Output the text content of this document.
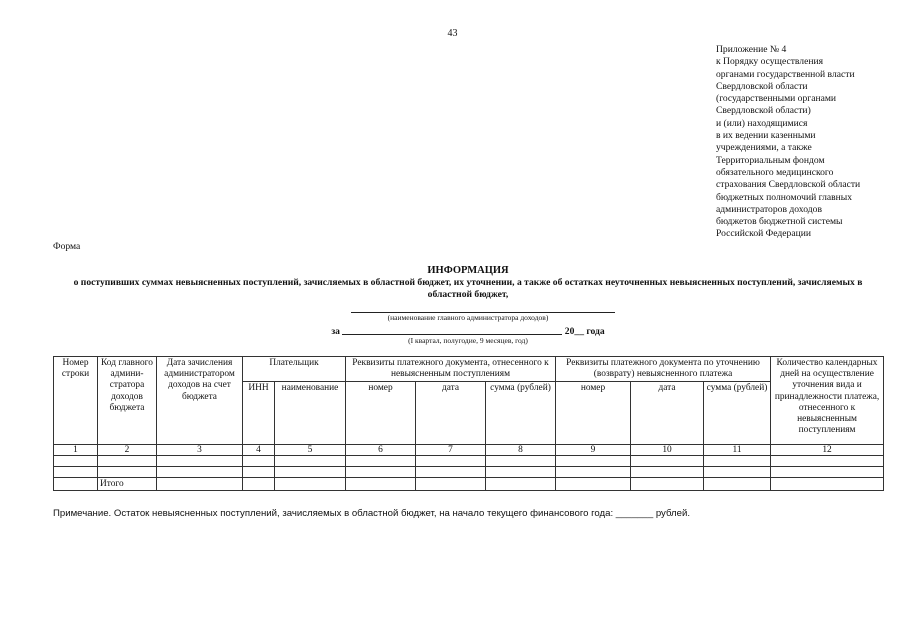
43
Приложение № 4
к Порядку осуществления
органами государственной власти
Свердловской области
(государственными органами
Свердловской области)
и (или) находящимися
в их ведении казенными
учреждениями, а также
Территориальным фондом
обязательного медицинского
страхования Свердловской области
бюджетных полномочий главных
администраторов доходов
бюджетов бюджетной системы
Российской Федерации
Форма
ИНФОРМАЦИЯ
о поступивших суммах невыясненных поступлений, зачисляемых в областной бюджет, их уточнении, а также об остатках неуточненных невыясненных поступлений, зачисляемых в областной бюджет,
(наименование главного администратора доходов)
за	20__ года
(I квартал, полугодие, 9 месяцев, год)
Номер строки	Код главного админи-стратора доходов бюджета	Дата зачисления администратором доходов на счет бюджета	Плательщик		Реквизиты платежного документа, отнесенного к невыясненным поступлениям			Реквизиты платежного документа по уточнению (возврату) невыясненного платежа			Количество календарных дней на осуществление уточнения вида и принадлежности платежа, отнесенного к невыясненным поступлениям
			ИНН	наименование	номер	дата	сумма (рублей)	номер	дата	сумма (рублей)	
1	2	3	4	5	6	7	8	9	10	11	12

	Итого										
Примечание. Остаток невыясненных поступлений, зачисляемых в областной бюджет, на начало текущего финансового года: _______ рублей.
